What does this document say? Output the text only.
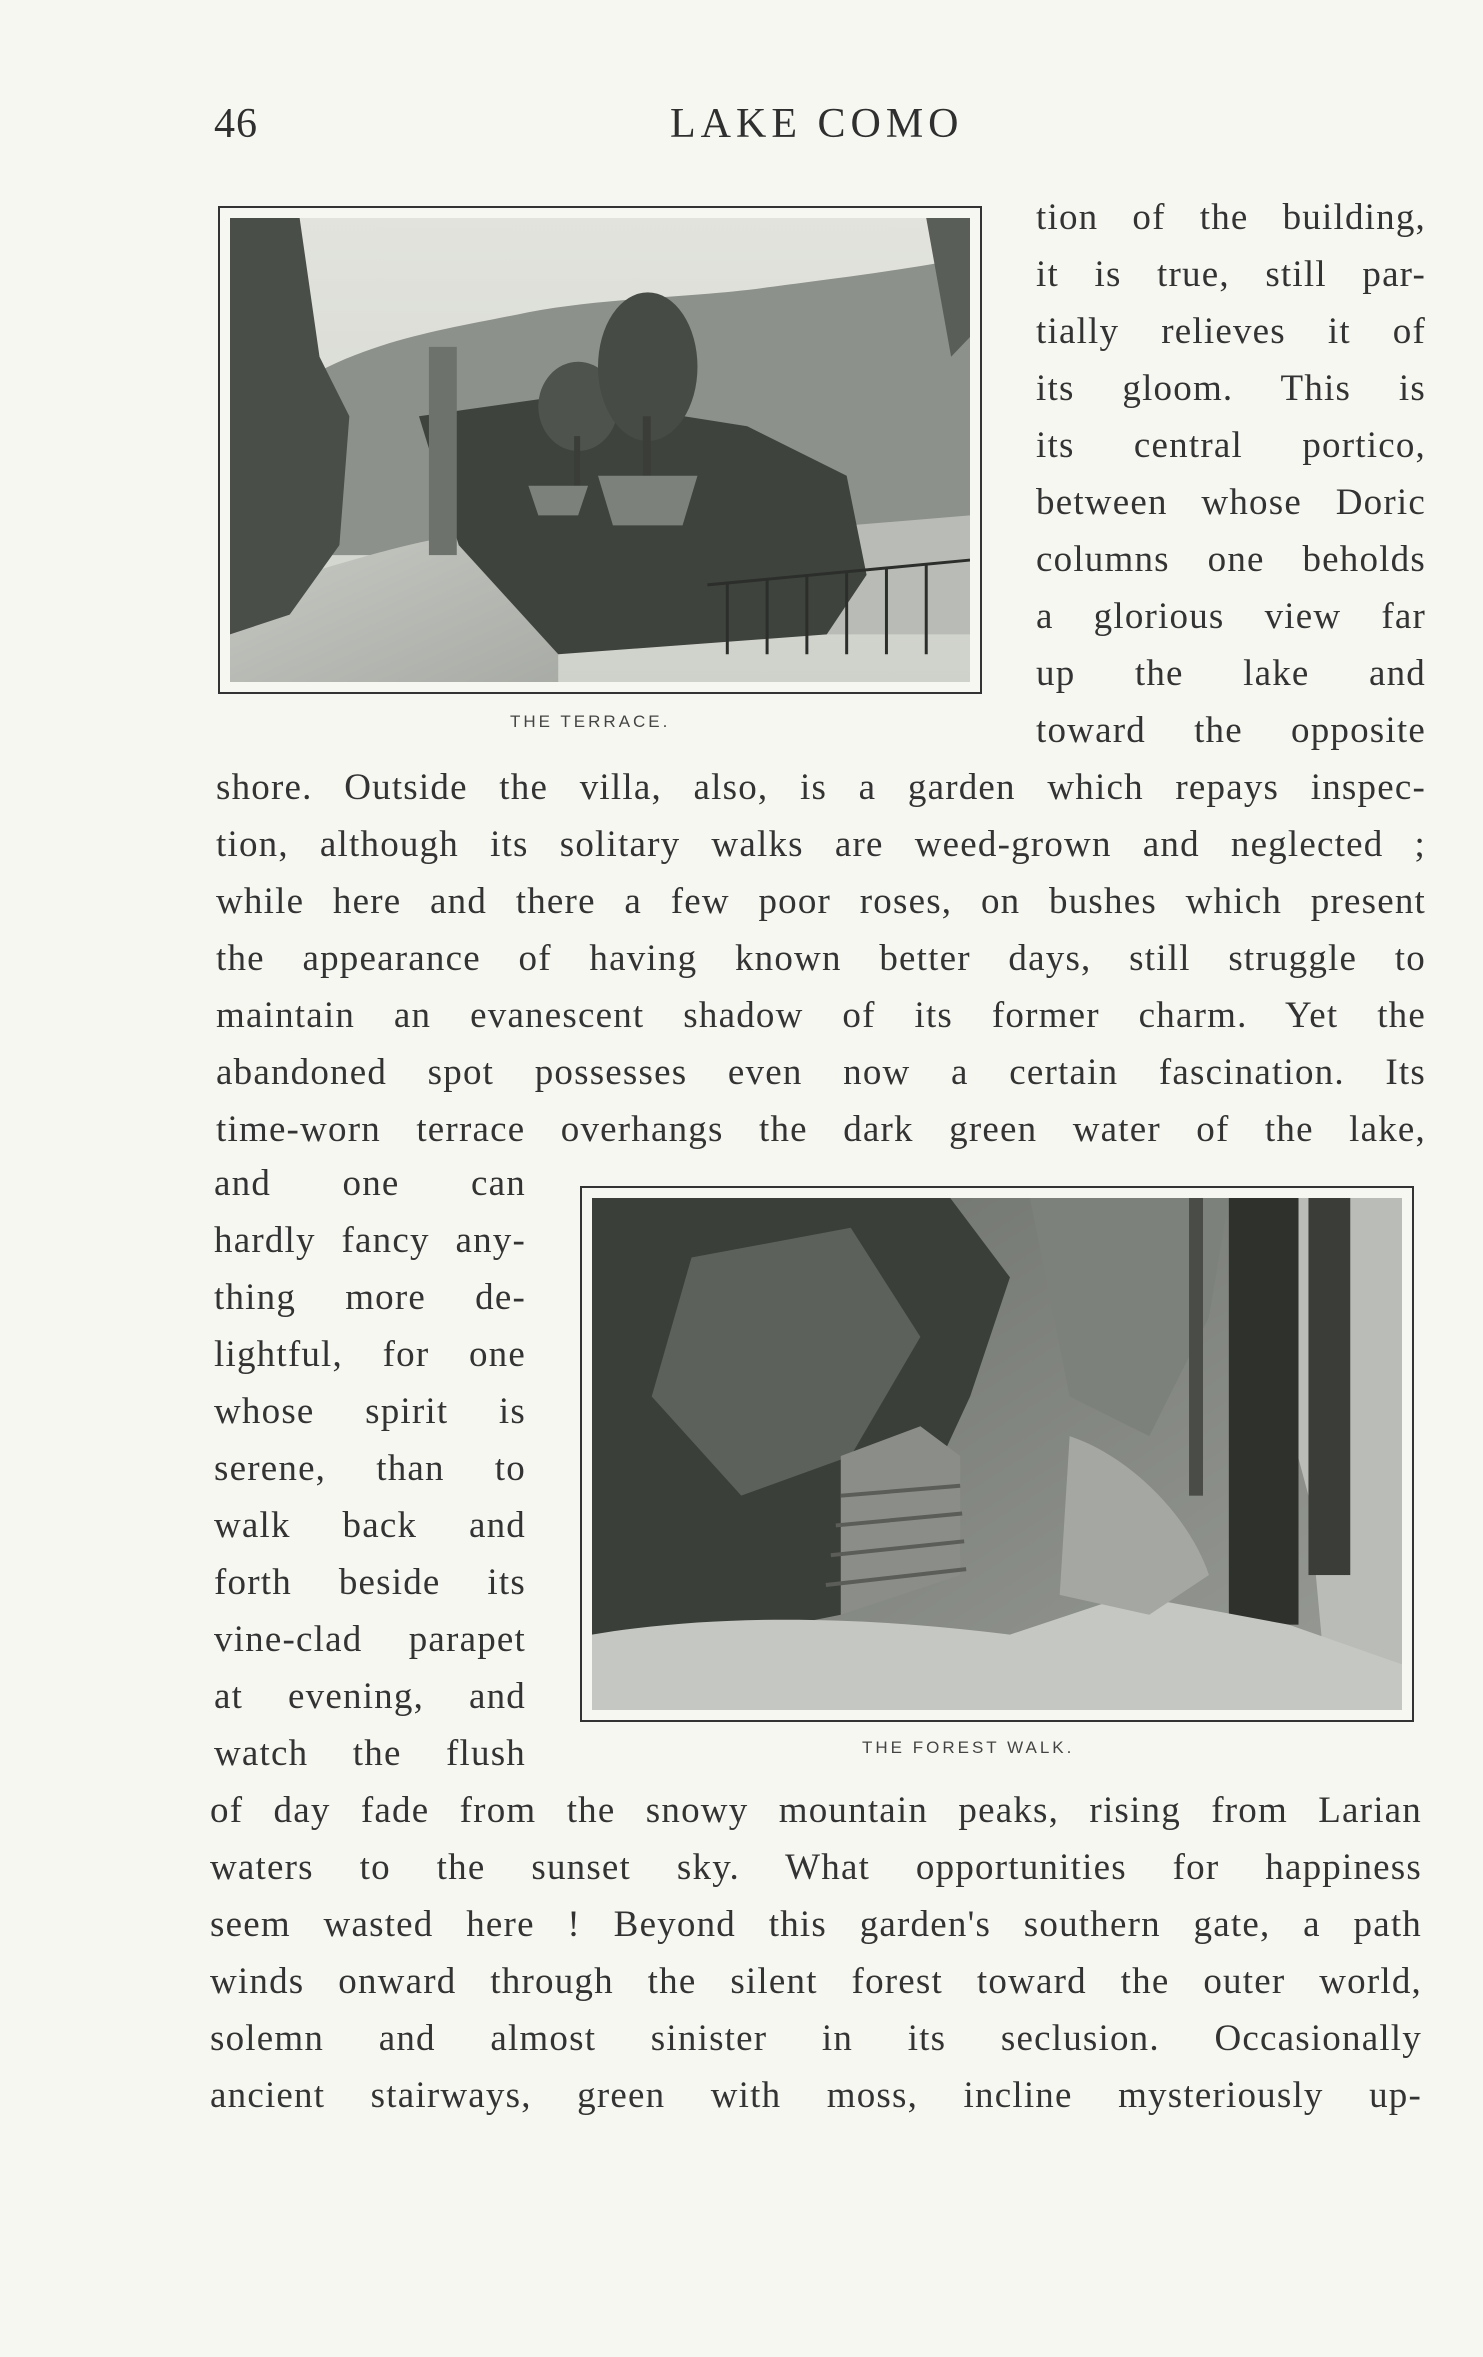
46	LAKE COMO
THE TERRACE.
tion of the building,
it is true, still par-
tially relieves it of
its gloom. This is
its central portico,
between whose Doric
columns one beholds
a glorious view far
up the lake and
toward the opposite
shore. Outside the villa, also, is a garden which repays inspec-
tion, although its solitary walks are weed-grown and neglected ;
while here and there a few poor roses, on bushes which present
the appearance of having known better days, still struggle to
maintain an evanescent shadow of its former charm. Yet the
abandoned spot possesses even now a certain fascination. Its
time-worn terrace overhangs the dark green water of the lake,
THE FOREST WALK.
and one can
hardly fancy any-
thing more de-
lightful, for one
whose spirit is
serene, than to
walk back and
forth beside its
vine-clad parapet
at evening, and
watch the flush
of day fade from the snowy mountain peaks, rising from Larian
waters to the sunset sky. What opportunities for happiness
seem wasted here ! Beyond this garden's southern gate, a path
winds onward through the silent forest toward the outer world,
solemn and almost sinister in its seclusion. Occasionally
ancient stairways, green with moss, incline mysteriously up-
